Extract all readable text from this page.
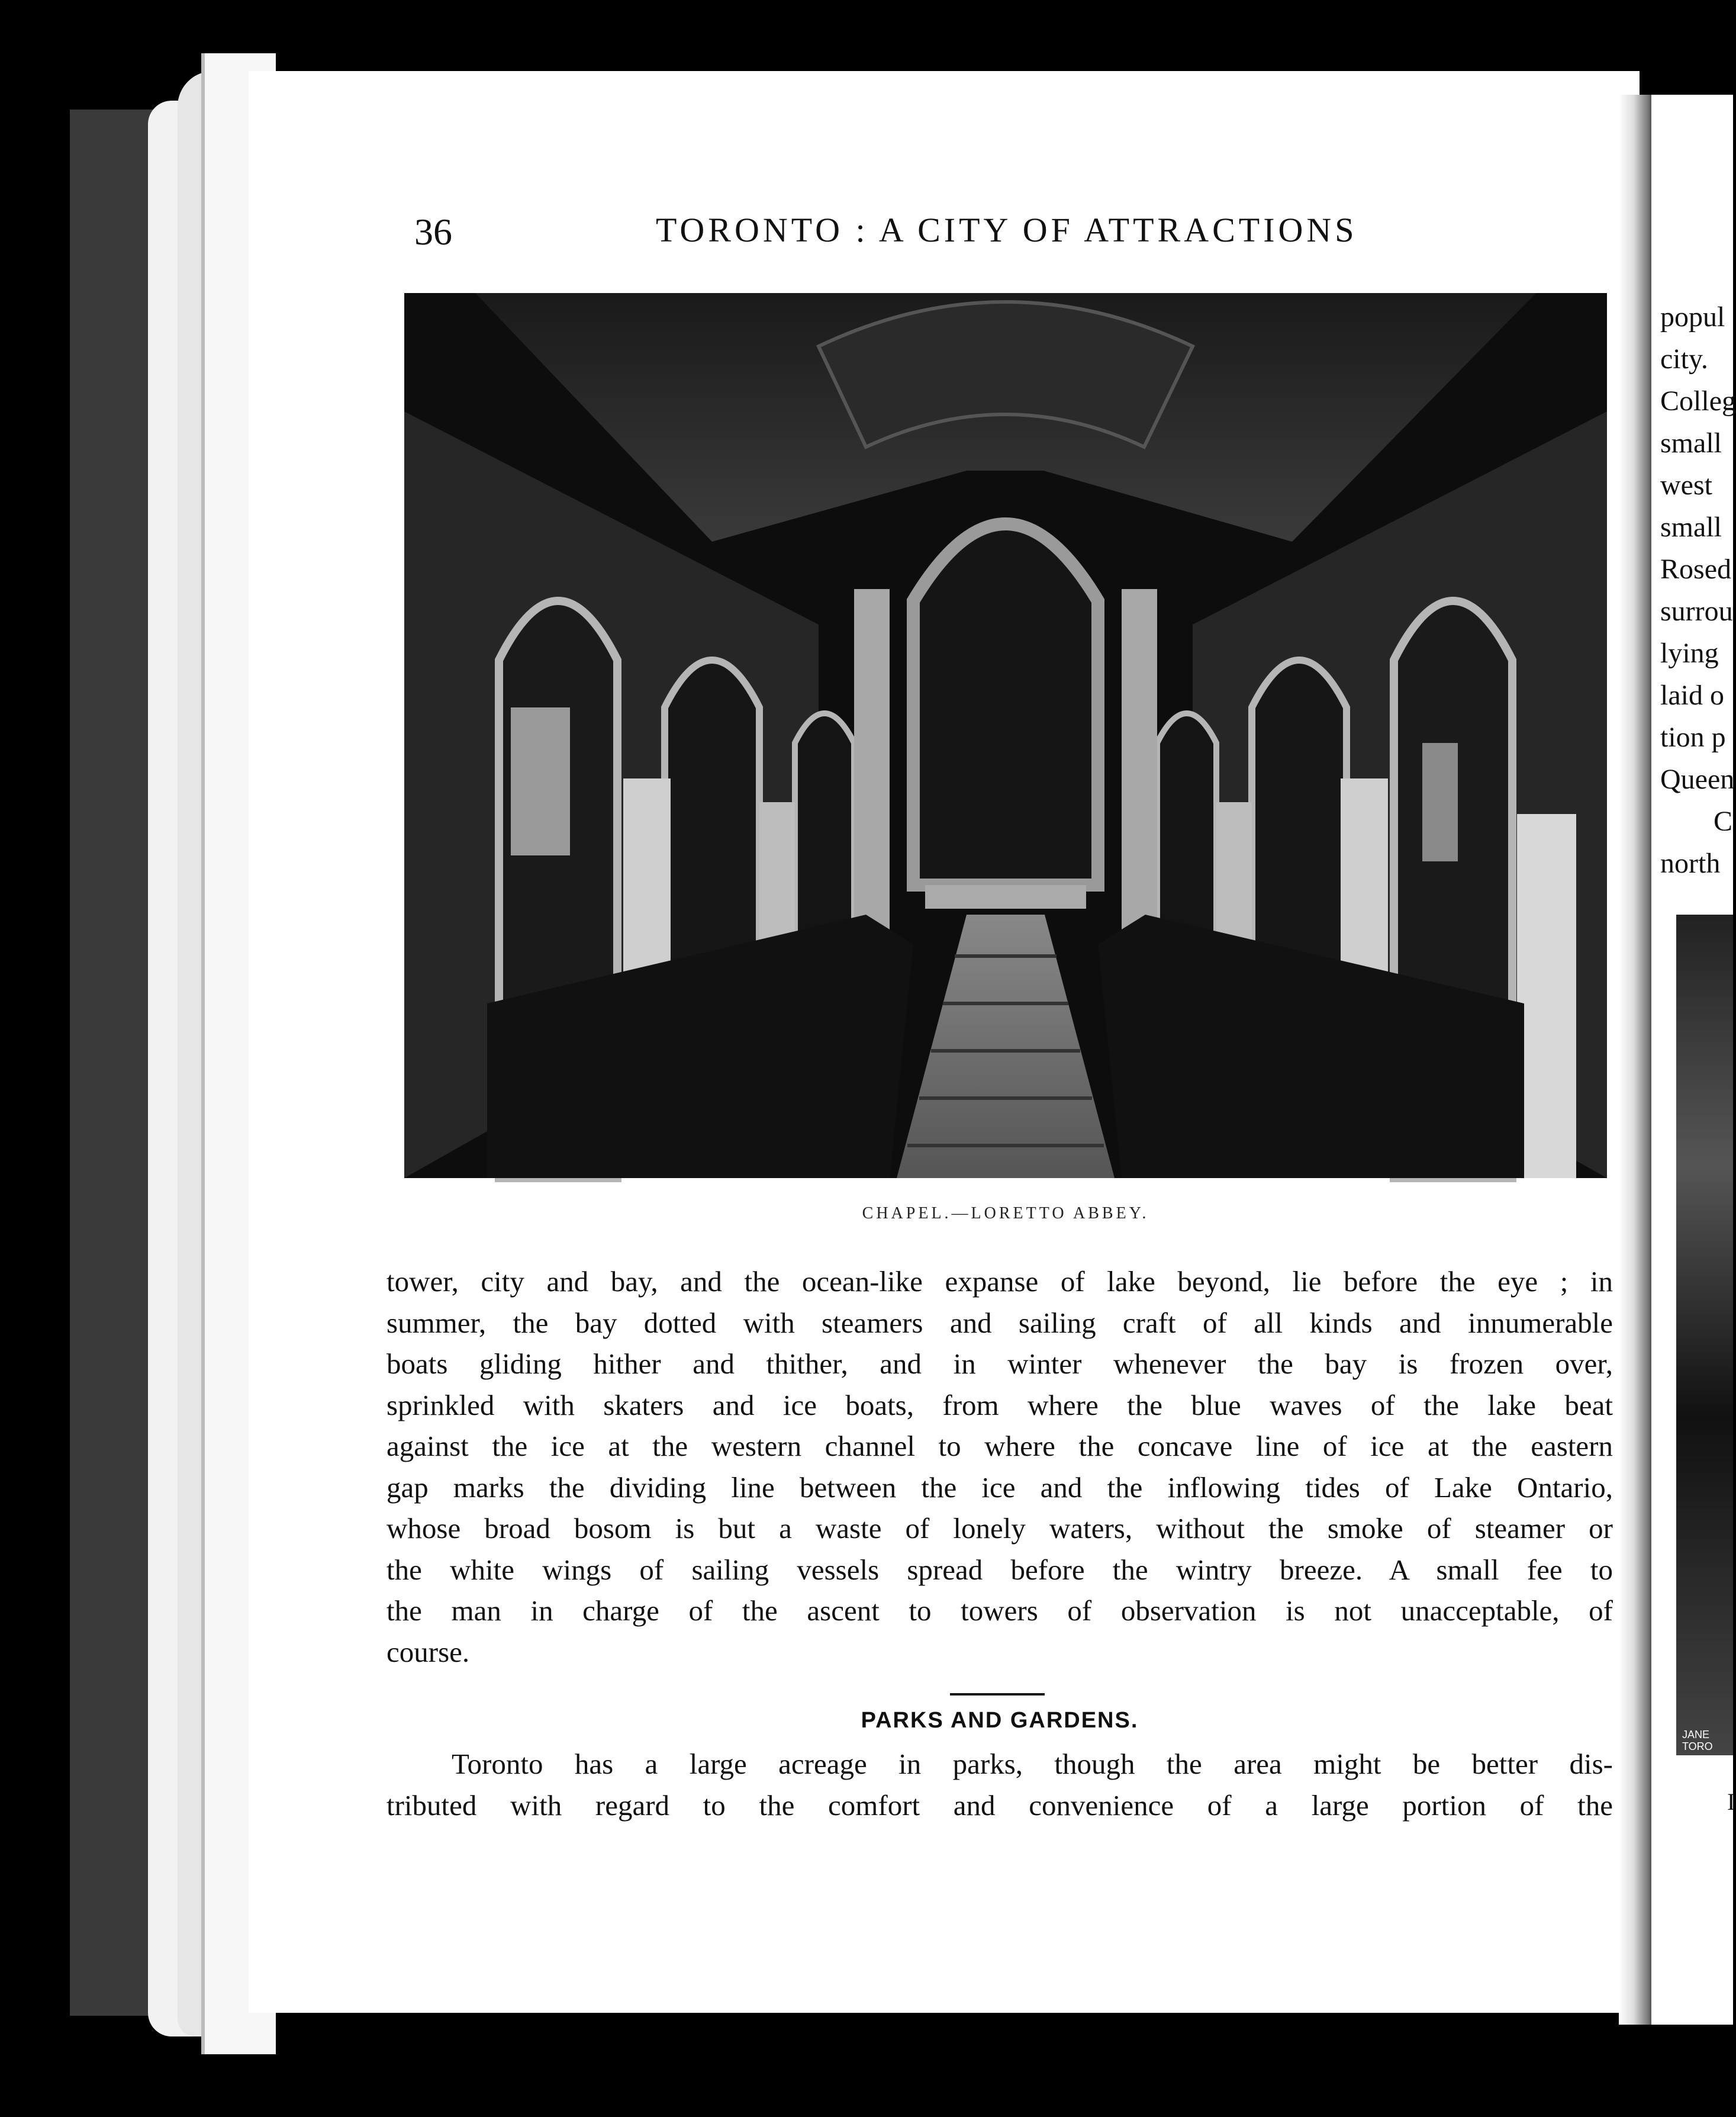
36	TORONTO : A CITY OF ATTRACTIONS
CHAPEL.—LORETTO ABBEY.
tower, city and bay, and the ocean-like expanse of lake beyond, lie before the eye ; in
summer, the bay dotted with steamers and sailing craft of all kinds and innumerable
boats gliding hither and thither, and in winter whenever the bay is frozen over,
sprinkled with skaters and ice boats, from where the blue waves of the lake beat
against the ice at the western channel to where the concave line of ice at the eastern
gap marks the dividing line between the ice and the inflowing tides of Lake Ontario,
whose broad bosom is but a waste of lonely waters, without the smoke of steamer or
the white wings of sailing vessels spread before the wintry breeze. A small fee to
the man in charge of the ascent to towers of observation is not unacceptable, of
course.
PARKS AND GARDENS.
Toronto has a large acreage in parks, though the area might be better dis-
tributed with regard to the comfort and convenience of a large portion of the
popul
city.
Colleg
small
west
small
Rosed
surrou
lying
laid o
tion p
Queen
C
north
JANE
TORO
I
